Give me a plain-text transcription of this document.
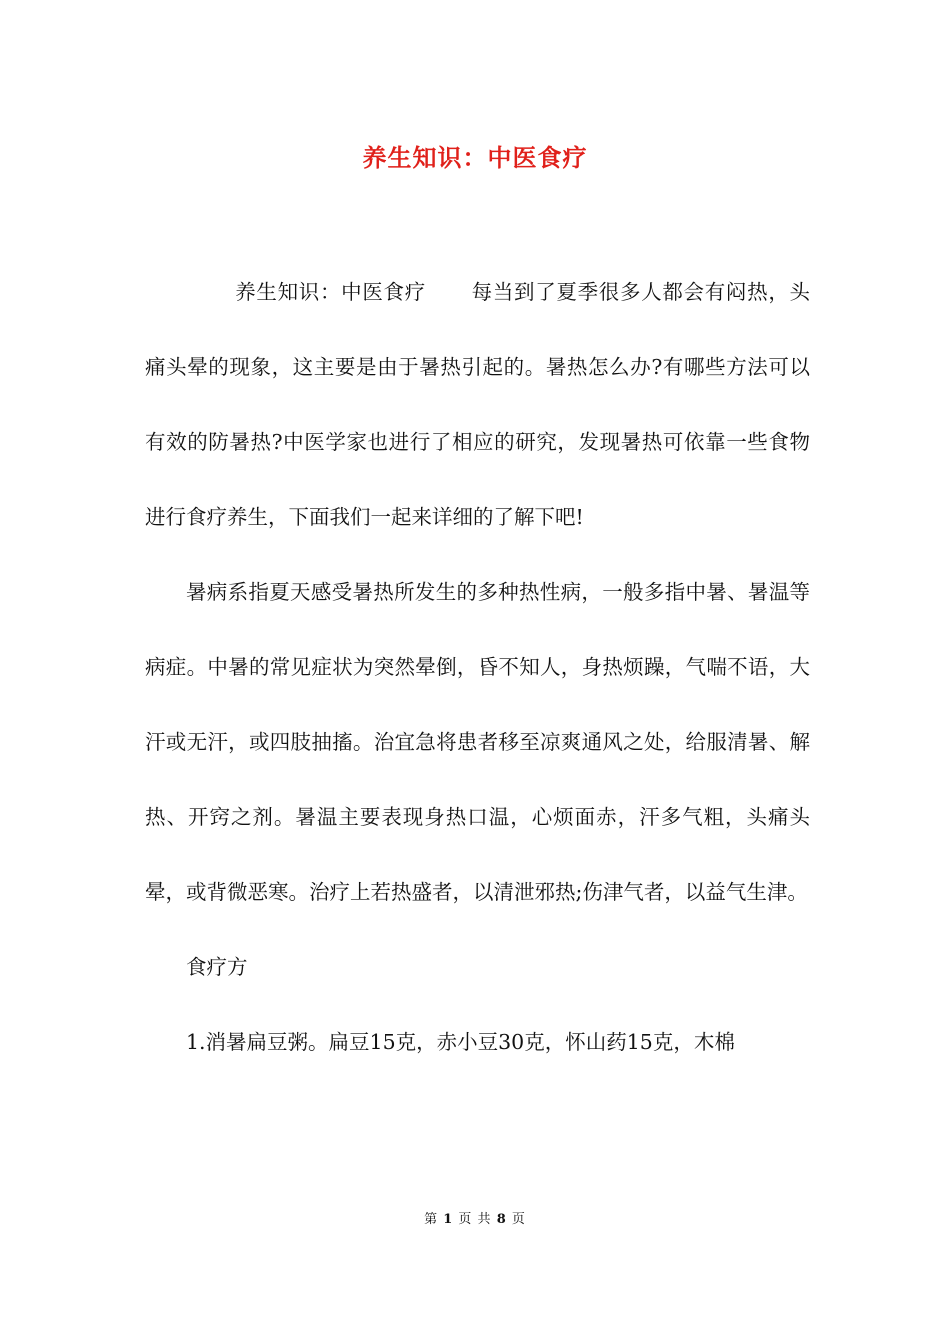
养生知识：中医食疗

养生知识：中医食疗 每当到了夏季很多人都会有闷热，头痛头晕的现象，这主要是由于暑热引起的。暑热怎么办?有哪些方法可以有效的防暑热?中医学家也进行了相应的研究，发现暑热可依靠一些食物进行食疗养生，下面我们一起来详细的了解下吧!

暑病系指夏天感受暑热所发生的多种热性病，一般多指中暑、暑温等病症。中暑的常见症状为突然晕倒，昏不知人，身热烦躁，气喘不语，大汗或无汗，或四肢抽搐。治宜急将患者移至凉爽通风之处，给服清暑、解热、开窍之剂。暑温主要表现身热口温，心烦面赤，汗多气粗，头痛头晕，或背微恶寒。治疗上若热盛者，以清泄邪热;伤津气者，以益气生津。

食疗方

1.消暑扁豆粥。扁豆15克，赤小豆30克，怀山药15克，木棉

第 1 页 共 8 页
